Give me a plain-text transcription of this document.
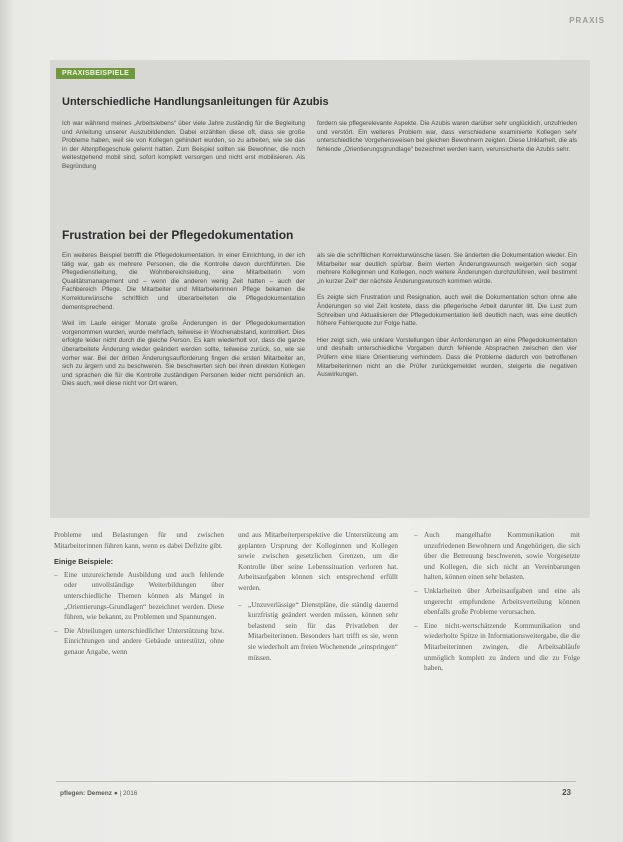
PRAXIS
PRAXISBEISPIELE
Unterschiedliche Handlungsanleitungen für Azubis

Ich war während meines „Arbeitslebens“ über viele Jahre zuständig für die Begleitung und Anleitung unserer Auszubildenden. Dabei erzählten diese oft, dass sie große Probleme haben, weil sie von Kollegen gehindert wurden, so zu arbeiten, wie sie das in der Altenpflegeschule gelernt hatten. Zum Beispiel sollten sie Bewohner, die noch weitestgehend mobil sind, sofort komplett versorgen und nicht erst mobilisieren. Als Begründung

fordern sie pflegerelevante Aspekte. Die Azubis waren darüber sehr unglücklich, unzufrieden und verstört. Ein weiteres Problem war, dass verschiedene examinierte Kollegen sehr unterschiedliche Vorgehensweisen bei gleichen Bewohnern zeigten. Diese Unklarheit, die als fehlende „Orientierungsgrundlage“ bezeichnet werden kann, verunsicherte die Azubis sehr.

Frustration bei der Pflegedokumentation

Ein weiteres Beispiel betrifft die Pflegedokumentation. In einer Einrichtung, in der ich tätig war, gab es mehrere Personen, die die Kontrolle davon durchführten. Die Pflegedienstleitung, die Wohnbereichsleitung, eine Mitarbeiterin vom Qualitätsmanagement und – wenn die anderen wenig Zeit hatten – auch der Fachbereich Pflege. Die Mitarbeiter und Mitarbeiterinnen Pflege bekamen die Korrekturwünsche schriftlich und überarbeiteten die Pflegedokumentation dementsprechend.

Weil im Laufe einiger Monate große Änderungen in der Pflegedokumentation vorgenommen wurden, wurde mehrfach, teilweise in Wochenabstand, kontrolliert. Dies erfolgte leider nicht durch die gleiche Person. Es kam wiederholt vor, dass die ganze überarbeitete Änderung wieder geändert werden sollte, teilweise zurück, so, wie sie vorher war. Bei der dritten Änderungsaufforderung fingen die ersten Mitarbeiter an, sich zu ärgern und zu beschweren. Sie beschwerten sich bei ihren direkten Kollegen und sprachen die für die Kontrolle zuständigen Personen leider nicht persönlich an. Dies auch, weil diese nicht vor Ort waren,

als sie die schriftlichen Korrekturwünsche lasen. Sie änderten die Dokumentation wieder. Ein Mitarbeiter war deutlich spürbar. Beim vierten Änderungswunsch weigerten sich sogar mehrere Kolleginnen und Kollegen, noch weitere Änderungen durchzuführen, weil bestimmt „in kurzer Zeit“ der nächste Änderungswunsch kommen würde.

Es zeigte sich Frustration und Resignation, auch weil die Dokumentation schon ohne alle Änderungen so viel Zeit kostete, dass die pflegerische Arbeit darunter litt. Die Lust zum Schreiben und Aktualisieren der Pflegedokumentation ließ deutlich nach, was eine deutlich höhere Fehlerquote zur Folge hatte.

Hier zeigt sich, wie unklare Vorstellungen über Anforderungen an eine Pflegedokumentation und deshalb unterschiedliche Vorgaben durch fehlende Absprachen zwischen den vier Prüfern eine klare Orientierung verhindern. Dass die Probleme dadurch von betroffenen Mitarbeiterinnen nicht an die Prüfer zurückgemeldet wurden, steigerte die negativen Auswirkungen.

Probleme und Belastungen für und zwischen Mitarbeiterinnen führen kann, wenn es dabei Defizite gibt.

Einige Beispiele:
– Eine unzureichende Ausbildung und auch fehlende oder unvollständige Weiterbildungen über unterschiedliche Themen können als Mangel in „Orientierungs-Grundlagen“ bezeichnet werden. Diese führen, wie bekannt, zu Problemen und Spannungen.
– Die Abteilungen unterschiedlicher Unterstützung bzw. Einrichtungen und andere Gebäude unterstützt, ohne genaue Angabe, wenn

und aus Mitarbeiterperspektive die Unterstützung am geplanten Ursprung der Kolleginnen und Kollegen sowie zwischen gesetzlichen Grenzen, um die Kontrolle über seine Lebenssituation verloren hat. Arbeitsaufgaben können sich entsprechend erfüllt werden.

– „Unzuverlässige“ Dienstpläne, die ständig dauernd kurzfristig geändert werden müssen, können sehr belastend sein für das Privatleben der Mitarbeiterinnen. Besonders hart trifft es sie, wenn sie wiederholt am freien Wochenende „einspringen“ müssen.
– Auch mangelhafte Kommunikation mit unzufriedenen Bewohnern und Angehörigen, die sich über die Betreuung beschweren, sowie Vorgesetzte und Kollegen, die sich nicht an Vereinbarungen halten, können einen sehr belasten.
– Unklarheiten über Arbeitsaufgaben und eine als ungerecht empfundene Arbeitsverteilung können ebenfalls große Probleme verursachen.
– Eine nicht-wertschätzende Kommunikation und wiederholte Spitze in Informationsweitergabe, die die Mitarbeiterinnen zwingen, die Arbeitsabläufe unmöglich komplett zu ändern und die zu Folge haben,
pflegen: Demenz ● | 2016	23
